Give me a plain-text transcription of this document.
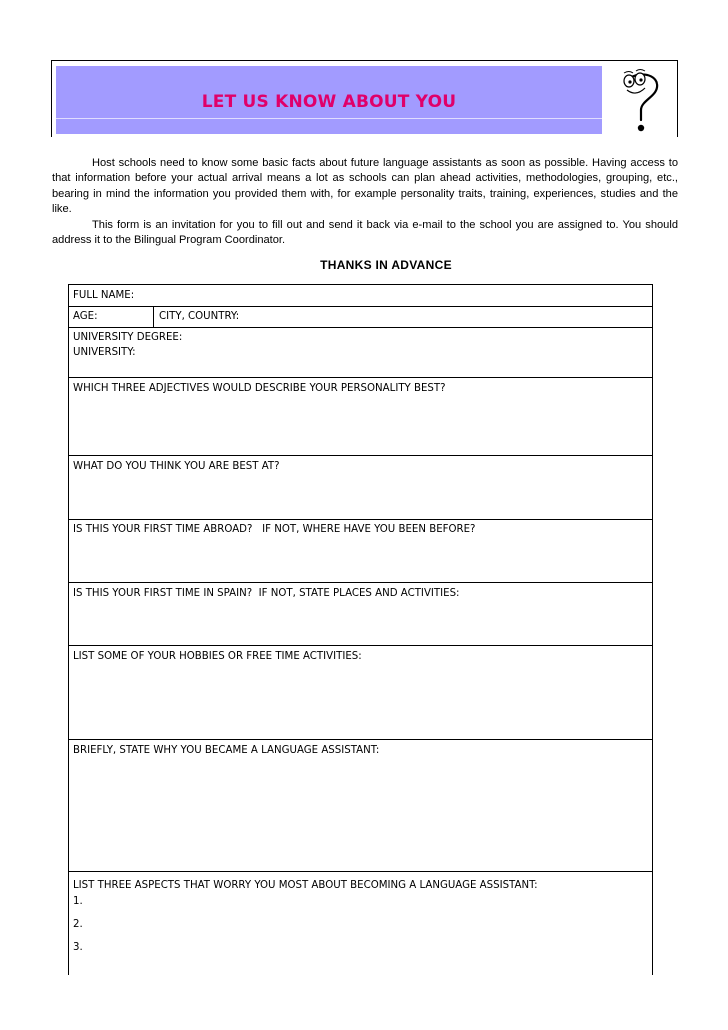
LET US KNOW ABOUT YOU

Host schools need to know some basic facts about future language assistants as soon as possible. Having access to that information before your actual arrival means a lot as schools can plan ahead activities, methodologies, grouping, etc., bearing in mind the information you provided them with, for example personality traits, training, experiences, studies and the like.

This form is an invitation for you to fill out and send it back via e-mail to the school you are assigned to. You should address it to the Bilingual Program Coordinator.

THANKS IN ADVANCE
FULL NAME:
AGE:	CITY, COUNTRY:
UNIVERSITY DEGREE:
UNIVERSITY:
WHICH THREE ADJECTIVES WOULD DESCRIBE YOUR PERSONALITY BEST?
WHAT DO YOU THINK YOU ARE BEST AT?
IS THIS YOUR FIRST TIME ABROAD?   IF NOT, WHERE HAVE YOU BEEN BEFORE?
IS THIS YOUR FIRST TIME IN SPAIN?  IF NOT, STATE PLACES AND ACTIVITIES:
LIST SOME OF YOUR HOBBIES OR FREE TIME ACTIVITIES:
BRIEFLY, STATE WHY YOU BECAME A LANGUAGE ASSISTANT:
LIST THREE ASPECTS THAT WORRY YOU MOST ABOUT BECOMING A LANGUAGE ASSISTANT:
1.
2.
3.
